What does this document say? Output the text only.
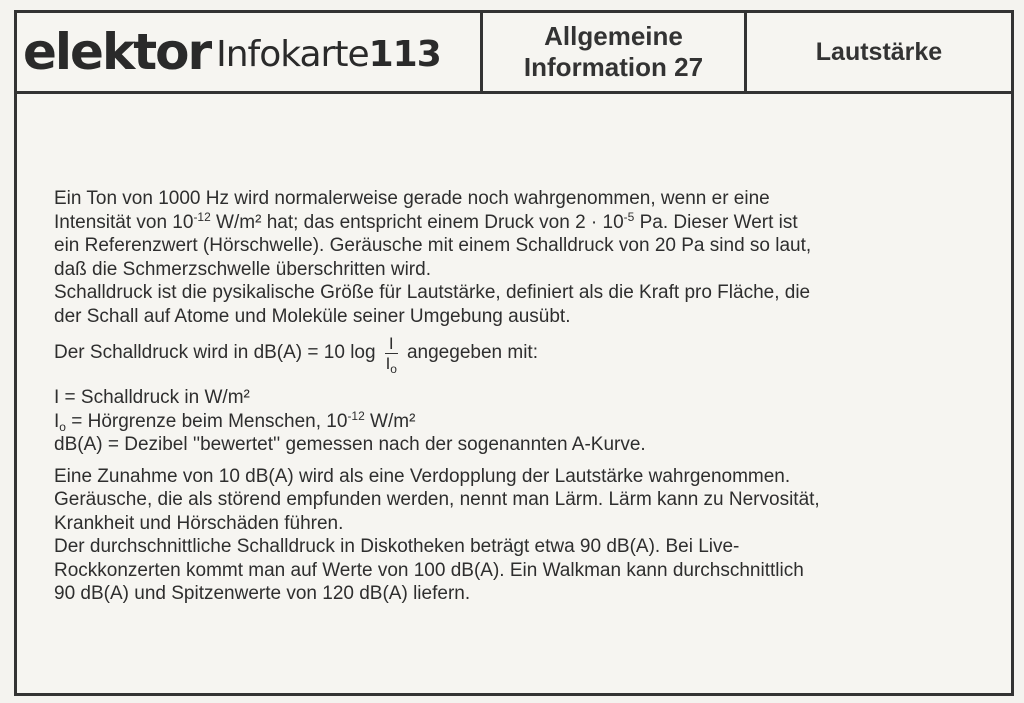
elektor Infokarte113	Allgemeine
Information 27
Lautstärke

Ein Ton von 1000 Hz wird normalerweise gerade noch wahrgenommen, wenn er eine

Intensität von $10^{-12}$ W/m² hat; das entspricht einem Druck von $2 \cdot 10^{-5}$ Pa. Dieser Wert ist

ein Referenzwert (Hörschwelle). Geräusche mit einem Schalldruck von 20 Pa sind so laut,

daß die Schmerzschwelle überschritten wird.

Schalldruck ist die pysikalische Größe für Lautstärke, definiert als die Kraft pro Fläche, die

der Schall auf Atome und Moleküle seiner Umgebung ausübt.

Der Schalldruck wird in dB(A) = 10 $\log \frac{I}{I_o}$ angegeben mit:

I = Schalldruck in W/m²

$I_o$ = Hörgrenze beim Menschen, $10^{-12}$ W/m²

dB(A) = Dezibel ''bewertet'' gemessen nach der sogenannten A-Kurve.

Eine Zunahme von 10 dB(A) wird als eine Verdopplung der Lautstärke wahrgenommen.

Geräusche, die als störend empfunden werden, nennt man Lärm. Lärm kann zu Nervosität,

Krankheit und Hörschäden führen.

Der durchschnittliche Schalldruck in Diskotheken beträgt etwa 90 dB(A). Bei Live-

Rockkonzerten kommt man auf Werte von 100 dB(A). Ein Walkman kann durchschnittlich

90 dB(A) und Spitzenwerte von 120 dB(A) liefern.
